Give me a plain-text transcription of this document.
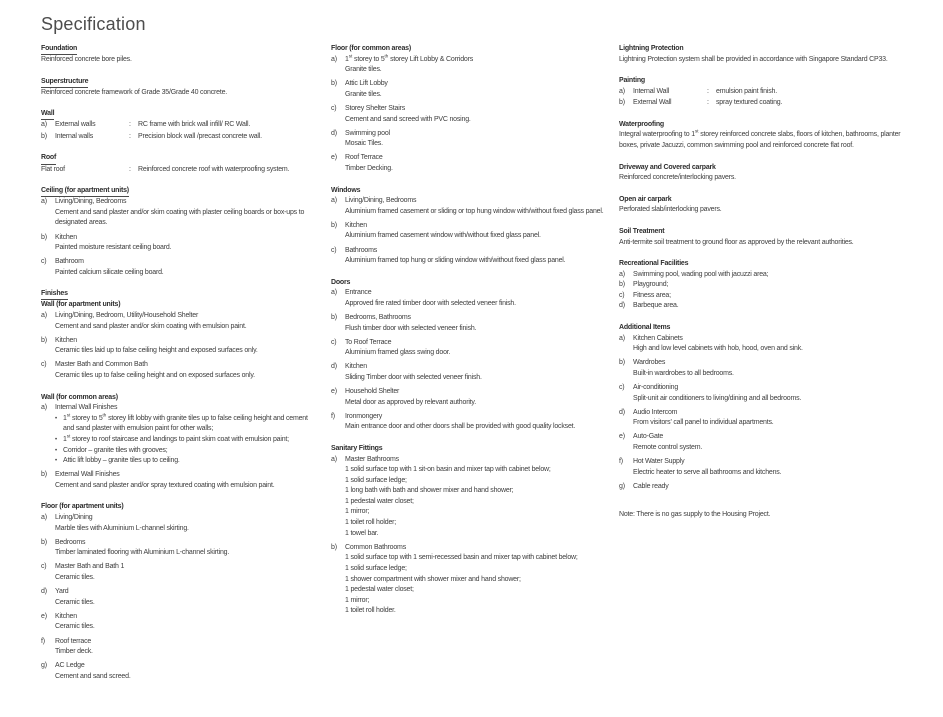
Specification
Foundation
Reinforced concrete bore piles.
Superstructure
Reinforced concrete framework of Grade 35/Grade 40 concrete.
Wall
a)	External walls	:	RC frame with brick wall infill/ RC Wall.
b)	Internal walls	:	Precision block wall /precast concrete wall.
Roof
Flat roof	:	Reinforced concrete roof with waterproofing system.
Ceiling (for apartment units)
a)	Living/Dining, Bedrooms
Cement and sand plaster and/or skim coating with plaster ceiling boards or box-ups to designated areas.
b)	Kitchen
Painted moisture resistant ceiling board.
c)	Bathroom
Painted calcium silicate ceiling board.
Finishes
Wall (for apartment units)
a)	Living/Dining, Bedroom, Utility/Household Shelter
Cement and sand plaster and/or skim coating with emulsion paint.
b)	Kitchen
Ceramic tiles laid up to false ceiling height and exposed surfaces only.
c)	Master Bath and Common Bath
Ceramic tiles up to false ceiling height and on exposed surfaces only.
Wall (for common areas)
a)	Internal Wall Finishes
• 1st storey to 5th storey lift lobby with granite tiles up to false ceiling height and cement and sand plaster with emulsion paint for other walls;
• 1st storey to roof staircase and landings to paint skim coat with emulsion paint;
• Corridor – granite tiles with grooves;
• Attic lift lobby – granite tiles up to ceiling.
b)	External Wall Finishes
Cement and sand plaster and/or spray textured coating with emulsion paint.
Floor (for apartment units)
a)	Living/Dining
Marble tiles with Aluminium L-channel skirting.
b)	Bedrooms
Timber laminated flooring with Aluminium L-channel skirting.
c)	Master Bath and Bath 1
Ceramic tiles.
d)	Yard
Ceramic tiles.
e)	Kitchen
Ceramic tiles.
f)	Roof terrace
Timber deck.
g)	AC Ledge
Cement and sand screed.
Floor (for common areas)
a)	1st storey to 5th storey Lift Lobby & Corridors
Granite tiles.
b)	Attic Lift Lobby
Granite tiles.
c)	Storey Shelter Stairs
Cement and sand screed with PVC nosing.
d)	Swimming pool
Mosaic Tiles.
e)	Roof Terrace
Timber Decking.
Windows
a)	Living/Dining, Bedrooms
Aluminium framed casement or sliding or top hung window with/without fixed glass panel.
b)	Kitchen
Aluminium framed casement window with/without fixed glass panel.
c)	Bathrooms
Aluminium framed top hung or sliding window with/without fixed glass panel.
Doors
a)	Entrance
Approved fire rated timber door with selected veneer finish.
b)	Bedrooms, Bathrooms
Flush timber door with selected veneer finish.
c)	To Roof Terrace
Aluminium framed glass swing door.
d)	Kitchen
Sliding Timber door with selected veneer finish.
e)	Household Shelter
Metal door as approved by relevant authority.
f)	Ironmongery
Main entrance door and other doors shall be provided with good quality lockset.
Sanitary Fittings
a)	Master Bathrooms
1 solid surface top with 1 sit-on basin and mixer tap with cabinet below;
1 solid surface ledge;
1 long bath with bath and shower mixer and hand shower;
1 pedestal water closet;
1 mirror;
1 toilet roll holder;
1 towel bar.
b)	Common Bathrooms
1 solid surface top with 1 semi-recessed basin and mixer tap with cabinet below;
1 solid surface ledge;
1 shower compartment with shower mixer and hand shower;
1 pedestal water closet;
1 mirror;
1 toilet roll holder.
Lightning Protection
Lightning Protection system shall be provided in accordance with Singapore Standard CP33.
Painting
a)	Internal Wall	:	emulsion paint finish.
b)	External Wall	:	spray textured coating.
Waterproofing
Integral waterproofing to 1st storey reinforced concrete slabs, floors of kitchen, bathrooms, planter boxes, private Jacuzzi, common swimming pool and reinforced concrete flat roof.
Driveway and Covered carpark
Reinforced concrete/interlocking pavers.
Open air carpark
Perforated slab/interlocking pavers.
Soil Treatment
Anti-termite soil treatment to ground floor as approved by the relevant authorities.
Recreational Facilities
a)	Swimming pool, wading pool with jacuzzi area;
b)	Playground;
c)	Fitness area;
d)	Barbeque area.
Additional Items
a)	Kitchen Cabinets
High and low level cabinets with hob, hood, oven and sink.
b)	Wardrobes
Built-in wardrobes to all bedrooms.
c)	Air-conditioning
Split-unit air conditioners to living/dining and all bedrooms.
d)	Audio Intercom
From visitors' call panel to individual apartments.
e)	Auto-Gate
Remote control system.
f)	Hot Water Supply
Electric heater to serve all bathrooms and kitchens.
g)	Cable ready
Note: There is no gas supply to the Housing Project.
